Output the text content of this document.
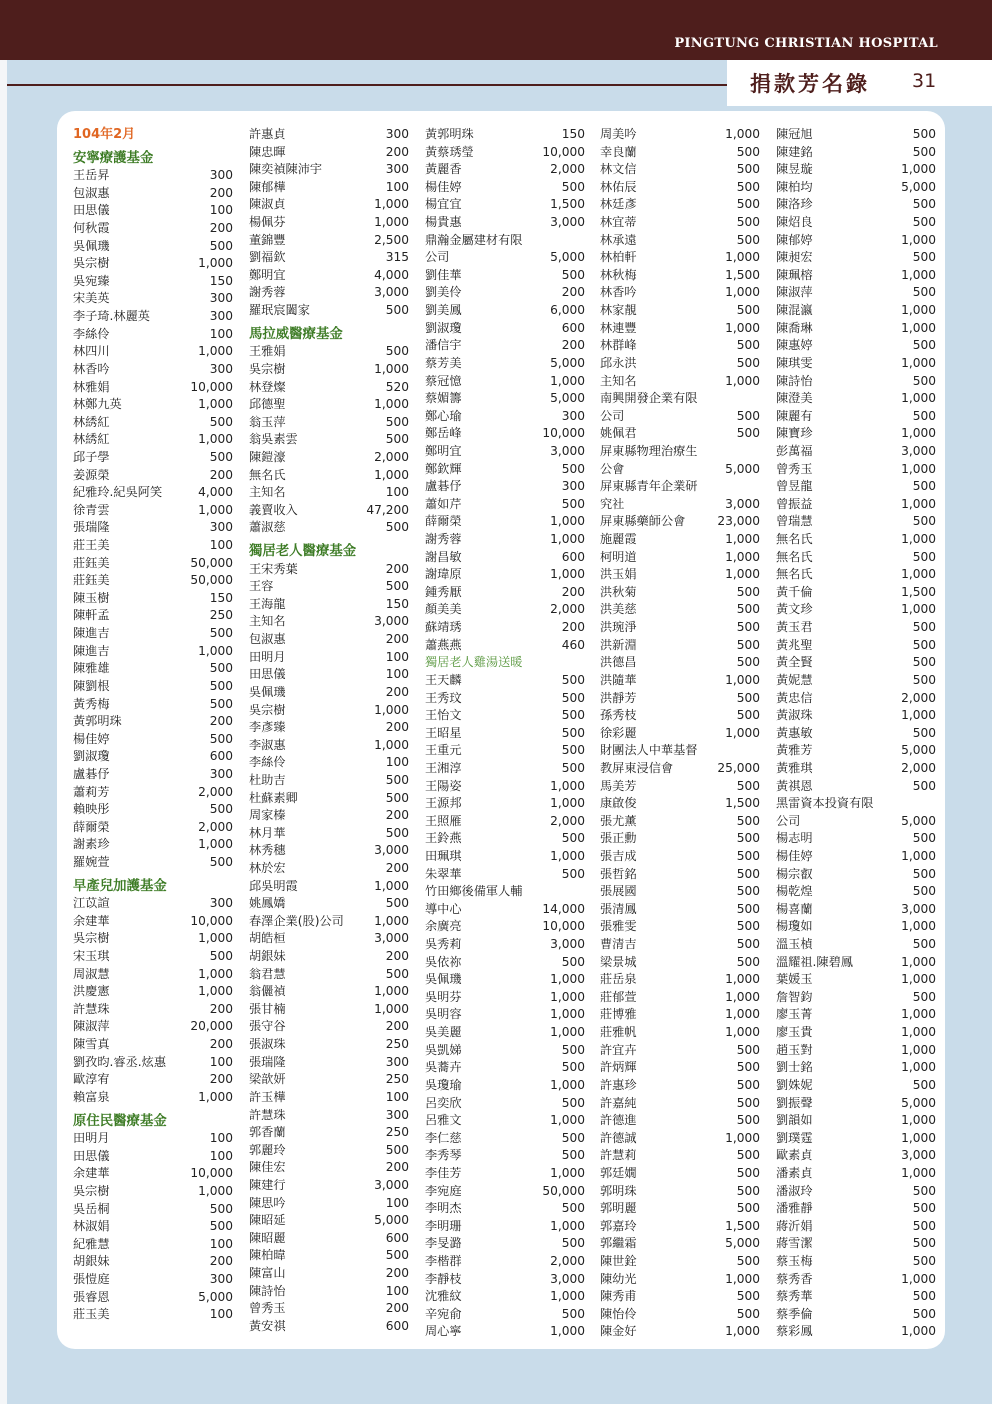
PINGTUNG CHRISTIAN HOSPITAL
捐款芳名錄 31
104年2月
安寧療護基金
王岳昇	300
包淑惠	200
田思儀	100
何秋霞	200
吳佩璣	500
吳宗樹	1,000
吳宛臻	150
宋美英	300
李子琦.林麗英	300
李絲伶	100
林四川	1,000
林香吟	300
林雅娟	10,000
林鄭九英	1,000
林綉紅	500
林綉紅	1,000
邱子學	500
姜源榮	200
紀雅玲.紀吳阿笑	4,000
徐青雲	1,000
張瑞隆	300
莊王美	100
莊鈺美	50,000
莊鈺美	50,000
陳玉樹	150
陳軒孟	250
陳進吉	500
陳進吉	1,000
陳雅雄	500
陳劉根	500
黃秀梅	500
黃郭明珠	200
楊佳婷	500
劉淑瓊	600
盧碁伃	300
蕭莉芳	2,000
賴映彤	500
薛爾榮	2,000
謝素珍	1,000
羅婉萱	500
早產兒加護基金
江苡諠	300
余建華	10,000
吳宗樹	1,000
宋玉琪	500
周淑慧	1,000
洪慶憲	1,000
許慧珠	200
陳淑萍	20,000
陳雪真	200
劉孜昀.睿丞.炫惠	100
歐淳宥	200
賴富泉	1,000
原住民醫療基金
田明月	100
田思儀	100
余建華	10,000
吳宗樹	1,000
吳岳桐	500
林淑娟	500
紀雅慧	100
胡銀妹	200
張愷庭	300
張睿恩	5,000
莊玉美	100
許惠貞	300
陳忠暉	200
陳奕禎陳沛宇	300
陳郁樺	100
陳淑貞	1,000
楊佩芬	1,000
董錦豐	2,500
劉福欽	315
鄭明宜	4,000
謝秀蓉	3,000
羅珉宸闔家	500
馬拉威醫療基金
王雅娟	500
吳宗樹	1,000
林登燦	520
邱德聖	1,000
翁玉萍	500
翁吳素雲	500
陳鎧濠	2,000
無名氏	1,000
主知名	100
義賣收入	47,200
蕭淑慈	500
獨居老人醫療基金
王宋秀葉	200
王容	500
王海龍	150
主知名	3,000
包淑惠	200
田明月	100
田思儀	100
吳佩璣	200
吳宗樹	1,000
李彥臻	200
李淑惠	1,000
李絲伶	100
杜助吉	500
杜蘇素卿	500
周家榛	200
林月華	500
林秀穗	3,000
林於宏	200
邱吳明霞	1,000
姚鳳嬌	500
春澤企業(股)公司	1,000
胡皓桓	3,000
胡銀妹	200
翁君慧	500
翁儷禎	1,000
張甘楠	1,000
張守谷	200
張淑珠	250
張瑞隆	300
梁歆妍	250
許玉樺	100
許慧珠	300
郭香蘭	250
郭麗玲	500
陳佳宏	200
陳建行	3,000
陳思吟	100
陳昭延	5,000
陳昭麗	600
陳柏暐	500
陳富山	200
陳詩怡	100
曾秀玉	200
黃安祺	600
黃郭明珠	150
黃蔡琇瑩	10,000
黃麗香	2,000
楊佳婷	500
楊宜宜	1,500
楊貴惠	3,000
鼎瀚金屬建材有限
公司	5,000
劉佳華	500
劉美伶	200
劉美鳳	6,000
劉淑瓊	600
潘信宇	200
蔡芳美	5,000
蔡冠憶	1,000
蔡媚籌	5,000
鄭心瑜	300
鄭岳峰	10,000
鄭明宜	3,000
鄭欽輝	500
盧碁伃	300
蕭如芹	500
薛爾榮	1,000
謝秀蓉	1,000
謝昌敏	600
謝瑋原	1,000
鍾秀厭	200
顏美美	2,000
蘇靖琇	200
蕭燕燕	460
獨居老人雞湯送暖
王天麟	500
王秀玟	500
王怡文	500
王昭星	500
王重元	500
王湘淳	500
王陽姿	1,000
王源邦	1,000
王照雁	2,000
王鈴燕	500
田珮琪	1,000
朱翠華	500
竹田鄉後備軍人輔
導中心	14,000
余廣亮	10,000
吳秀莉	3,000
吳依祢	500
吳佩璣	1,000
吳明芬	1,000
吳明容	1,000
吳美麗	1,000
吳凱娣	500
吳蕎卉	500
吳瓊瑜	1,000
呂奕欣	500
呂雅文	1,000
李仁慈	500
李秀琴	500
李佳芳	1,000
李宛庭	50,000
李明杰	500
李明珊	1,000
李旻潞	500
李楷群	2,000
李靜枝	3,000
沈雅紋	1,000
辛宛俞	500
周心寧	1,000
周美吟	1,000
幸良蘭	500
林文信	500
林佑辰	500
林廷彥	500
林宜蒂	500
林承遠	500
林柏軒	1,000
林秋梅	1,500
林香吟	1,000
林家靚	500
林連豐	1,000
林群峰	500
邱永洪	500
主知名	1,000
南興開發企業有限
公司	500
姚佩君	500
屏東縣物理治療生
公會	5,000
屏東縣青年企業研
究社	3,000
屏東縣藥師公會	23,000
施麗霞	1,000
柯明道	1,000
洪玉娟	1,000
洪秋菊	500
洪美慈	500
洪琬淨	500
洪新淵	500
洪德昌	500
洪隨華	1,000
洪靜芳	500
孫秀枝	500
徐彩麗	1,000
財團法人中華基督
教屏東浸信會	25,000
馬美芳	500
康啟俊	1,500
張尤薰	500
張正勳	500
張吉成	500
張哲銘	500
張展國	500
張清鳳	500
張雅雯	500
曹清吉	500
梁景城	500
莊岳泉	1,000
莊郁萱	1,000
莊博雅	1,000
莊雅帆	1,000
許宜卉	500
許炳輝	500
許惠珍	500
許嘉純	500
許德進	500
許德誠	1,000
許慧莉	500
郭廷嫺	500
郭明珠	500
郭明麗	500
郭嘉玲	1,500
郭繼霜	5,000
陳世銓	500
陳幼光	1,000
陳秀甫	500
陳怡伶	500
陳金好	1,000
陳冠旭	500
陳建銘	500
陳昱璇	1,000
陳柏均	5,000
陳洛珍	500
陳炤良	500
陳郁婷	1,000
陳昶宏	500
陳珮榕	1,000
陳淑萍	500
陳混瀛	1,000
陳喬琳	1,000
陳惠婷	500
陳琪雯	1,000
陳詩怡	500
陳澄美	1,000
陳麗有	500
陳寶珍	1,000
彭萬福	3,000
曾秀玉	1,000
曾昱龍	500
曾振益	1,000
曾瑞慧	500
無名氏	1,000
無名氏	500
無名氏	1,000
黃千倫	1,500
黃文珍	1,000
黃玉君	500
黃兆聖	500
黃全賢	500
黃妮慧	500
黃忠信	2,000
黃淑珠	1,000
黃惠敏	500
黃雅芳	5,000
黃雅琪	2,000
黃祺恩	500
黑雷資本投資有限
公司	5,000
楊志明	500
楊佳婷	1,000
楊宗叡	500
楊乾煌	500
楊喜蘭	3,000
楊瓊如	1,000
溫玉楨	500
溫耀祖.陳碧鳳	1,000
葉媛玉	1,000
詹智鈞	500
廖玉菁	1,000
廖玉貴	1,000
趙玉對	1,000
劉士銘	1,000
劉姝妮	500
劉振聲	5,000
劉韻如	1,000
劉璞霆	1,000
歐素貞	3,000
潘素貞	1,000
潘淑玲	500
潘雅靜	500
蔣沂娟	500
蔣雪潔	500
蔡玉梅	500
蔡秀香	1,000
蔡秀華	500
蔡季倫	500
蔡彩鳳	1,000
